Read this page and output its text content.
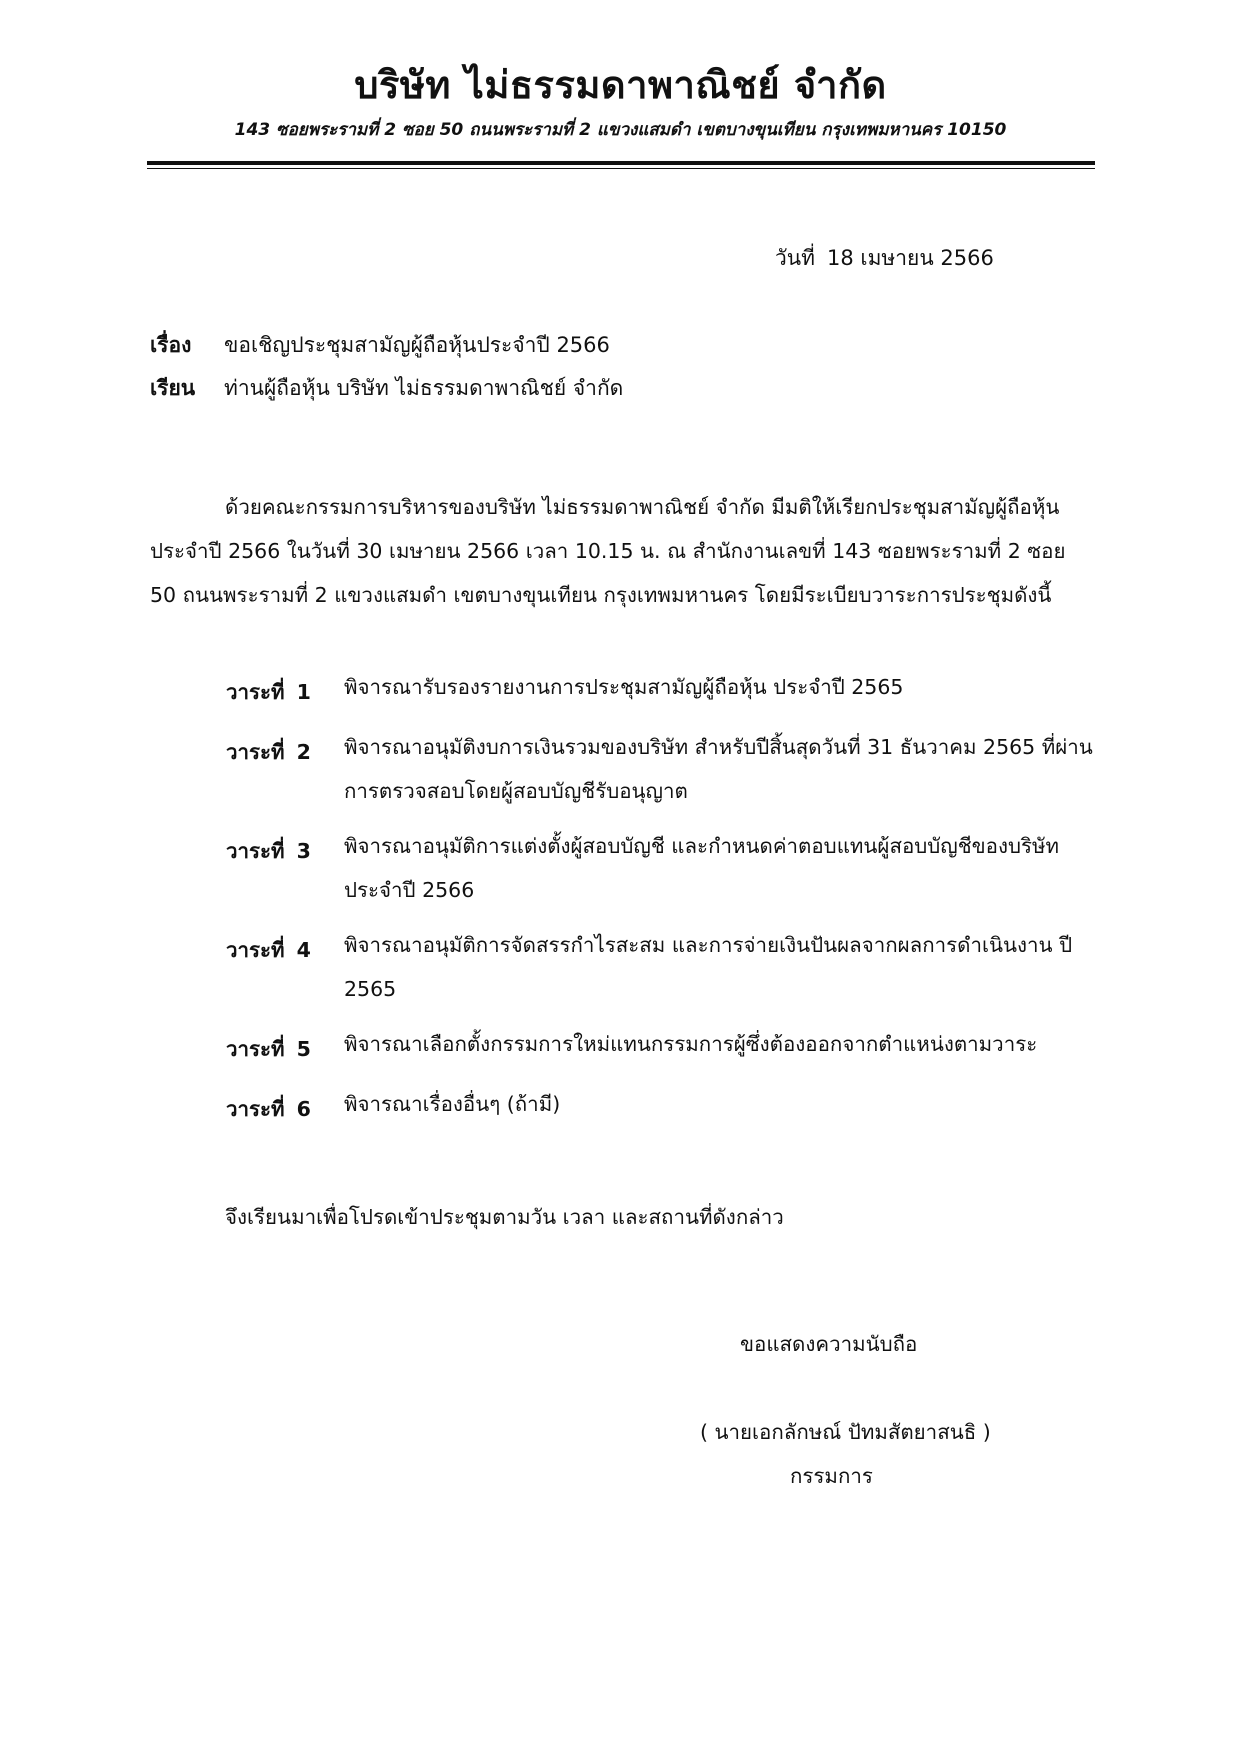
บริษัท ไม่ธรรมดาพาณิชย์ จำกัด
143 ซอยพระรามที่ 2 ซอย 50 ถนนพระรามที่ 2 แขวงแสมดำ เขตบางขุนเทียน กรุงเทพมหานคร 10150
วันที่ 18 เมษายน 2566
เรื่อง ขอเชิญประชุมสามัญผู้ถือหุ้นประจำปี 2566
เรียน ท่านผู้ถือหุ้น บริษัท ไม่ธรรมดาพาณิชย์ จำกัด
ด้วยคณะกรรมการบริหารของบริษัท ไม่ธรรมดาพาณิชย์ จำกัด มีมติให้เรียกประชุมสามัญผู้ถือหุ้น
ประจำปี 2566 ในวันที่ 30 เมษายน 2566 เวลา 10.15 น. ณ สำนักงานเลขที่ 143 ซอยพระรามที่ 2 ซอย
50 ถนนพระรามที่ 2 แขวงแสมดำ เขตบางขุนเทียน กรุงเทพมหานคร โดยมีระเบียบวาระการประชุมดังนี้
วาระที่ 1	พิจารณารับรองรายงานการประชุมสามัญผู้ถือหุ้น ประจำปี 2565
วาระที่ 2	พิจารณาอนุมัติงบการเงินรวมของบริษัท สำหรับปีสิ้นสุดวันที่ 31 ธันวาคม 2565 ที่ผ่านการตรวจสอบโดยผู้สอบบัญชีรับอนุญาต
วาระที่ 3	พิจารณาอนุมัติการแต่งตั้งผู้สอบบัญชี และกำหนดค่าตอบแทนผู้สอบบัญชีของบริษัท ประจำปี 2566
วาระที่ 4	พิจารณาอนุมัติการจัดสรรกำไรสะสม และการจ่ายเงินปันผลจากผลการดำเนินงาน ปี 2565
วาระที่ 5	พิจารณาเลือกตั้งกรรมการใหม่แทนกรรมการผู้ซึ่งต้องออกจากตำแหน่งตามวาระ
วาระที่ 6	พิจารณาเรื่องอื่นๆ (ถ้ามี)
จึงเรียนมาเพื่อโปรดเข้าประชุมตามวัน เวลา และสถานที่ดังกล่าว
ขอแสดงความนับถือ
( นายเอกลักษณ์ ปัทมสัตยาสนธิ )
กรรมการ
